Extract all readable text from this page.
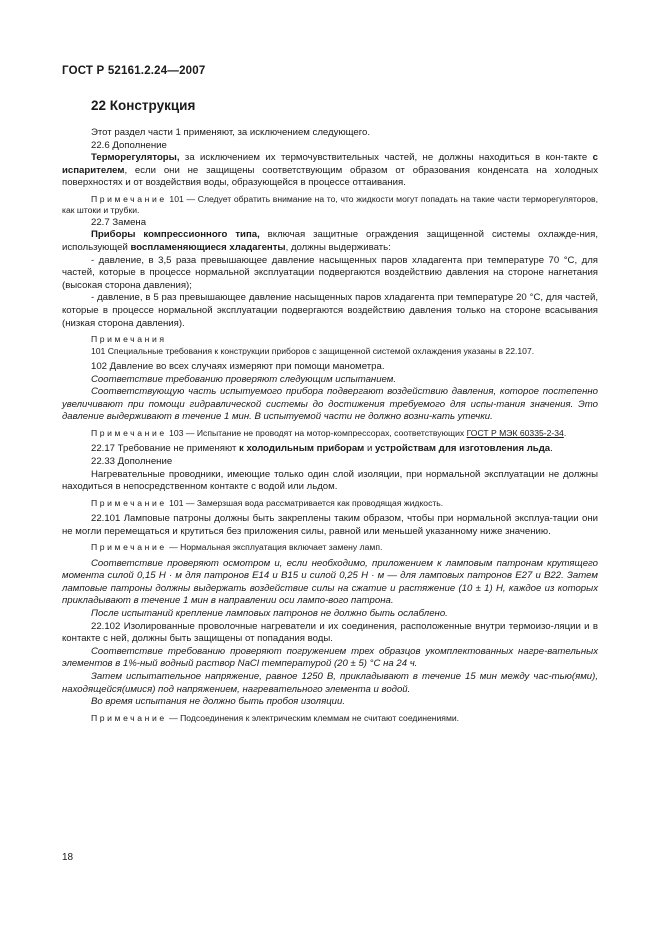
ГОСТ Р 52161.2.24—2007
22 Конструкция

Этот раздел части 1 применяют, за исключением следующего.

22.6 Дополнение

Терморегуляторы, за исключением их термочувствительных частей, не должны находиться в кон-такте с испарителем, если они не защищены соответствующим образом от образования конденсата на холодных поверхностях и от воздействия воды, образующейся в процессе оттаивания.

Примечание 101 — Следует обратить внимание на то, что жидкости могут попадать на такие части терморегуляторов, как штоки и трубки.

22.7 Замена

Приборы компрессионного типа, включая защитные ограждения защищенной системы охлажде-ния, использующей воспламеняющиеся хладагенты, должны выдерживать:

- давление, в 3,5 раза превышающее давление насыщенных паров хладагента при температуре 70 °С, для частей, которые в процессе нормальной эксплуатации подвергаются воздействию давления на стороне нагнетания (высокая сторона давления);

- давление, в 5 раз превышающее давление насыщенных паров хладагента при температуре 20 °С, для частей, которые в процессе нормальной эксплуатации подвергаются воздействию давления только на стороне всасывания (низкая сторона давления).

Примечания

101 Специальные требования к конструкции приборов с защищенной системой охлаждения указаны в 22.107.

102 Давление во всех случаях измеряют при помощи манометра.

Соответствие требованию проверяют следующим испытанием.

Соответствующую часть испытуемого прибора подвергают воздействию давления, которое постепенно увеличивают при помощи гидравлической системы до достижения требуемого для испы-тания значения. Это давление выдерживают в течение 1 мин. В испытуемой части не должно возни-кать утечки.

Примечание 103 — Испытание не проводят на мотор-компрессорах, соответствующих ГОСТ Р МЭК 60335-2-34.

22.17 Требование не применяют к холодильным приборам и устройствам для изготовления льда.

22.33 Дополнение

Нагревательные проводники, имеющие только один слой изоляции, при нормальной эксплуатации не должны находиться в непосредственном контакте с водой или льдом.

Примечание 101 — Замерзшая вода рассматривается как проводящая жидкость.

22.101 Ламповые патроны должны быть закреплены таким образом, чтобы при нормальной эксплуа-тации они не могли перемещаться и крутиться без приложения силы, равной или меньшей указанному ниже значению.

Примечание — Нормальная эксплуатация включает замену ламп.

Соответствие проверяют осмотром и, если необходимо, приложением к ламповым патронам крутящего момента силой 0,15 Н · м для патронов Е14 и В15 и силой 0,25 Н · м — для ламповых патронов Е27 и В22. Затем ламповые патроны должны выдержать воздействие силы на сжатие и растяжение (10 ± 1) Н, каждое из которых прикладывают в течение 1 мин в направлении оси лампо-вого патрона.

После испытаний крепление ламповых патронов не должно быть ослаблено.

22.102 Изолированные проволочные нагреватели и их соединения, расположенные внутри термоизо-ляции и в контакте с ней, должны быть защищены от попадания воды.

Соответствие требованию проверяют погружением трех образцов укомплектованных нагре-вательных элементов в 1%-ный водный раствор NaCl температурой (20 ± 5) °С на 24 ч.

Затем испытательное напряжение, равное 1250 В, прикладывают в течение 15 мин между час-тью(ями), находящейся(имися) под напряжением, нагревательного элемента и водой.

Во время испытания не должно быть пробоя изоляции.

Примечание — Подсоединения к электрическим клеммам не считают соединениями.

18
